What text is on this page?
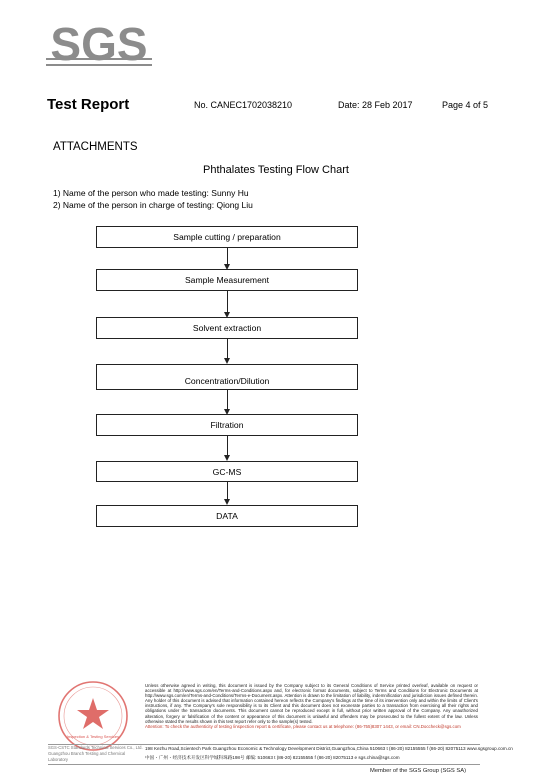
SGS
Test Report	No. CANEC1702038210	Date: 28 Feb 2017	Page 4 of 5
ATTACHMENTS
Phthalates Testing Flow Chart
1) Name of the person who made testing: Sunny Hu
2) Name of the person in charge of testing: Qiong Liu
Sample cutting / preparation
Sample Measurement
Solvent extraction
Concentration/Dilution
Filtration
GC-MS
DATA
Inspection & Testing Services
SGS-CSTC Standards Technical Services Co., Ltd.
Guangzhou Branch Testing and Chemical Laboratory
Unless otherwise agreed in writing, this document is issued by the Company subject to its General Conditions of Service printed overleaf, available on request or accessible at http://www.sgs.com/en/Terms-and-Conditions.aspx and, for electronic format documents, subject to Terms and Conditions for Electronic Documents at http://www.sgs.com/en/Terms-and-Conditions/Terms-e-Document.aspx. Attention is drawn to the limitation of liability, indemnification and jurisdiction issues defined therein. Any holder of this document is advised that information contained hereon reflects the Company's findings at the time of its intervention only and within the limits of Client's instructions, if any. The Company's sole responsibility is to its Client and this document does not exonerate parties to a transaction from exercising all their rights and obligations under the transaction documents. This document cannot be reproduced except in full, without prior written approval of the Company. Any unauthorized alteration, forgery or falsification of the content or appearance of this document is unlawful and offenders may be prosecuted to the fullest extent of the law. Unless otherwise stated the results shown in this test report refer only to the sample(s) tested.
Attention: To check the authenticity of testing /inspection report & certificate, please contact us at telephone: (86-755)8307 1443, or email: CN.Doccheck@sgs.com
198 Kezhu Road,Scientech Park Guangzhou Economic & Technology Development District,Guangzhou,China 510663 t (86-20) 82155555 f (86-20) 82075113 www.sgsgroup.com.cn
中国・广州・经济技术开发区科学城科珠路198号 邮编: 510663 t (86-20) 82155555 f (86-20) 82075113 e sgs.china@sgs.com
Member of the SGS Group (SGS SA)
